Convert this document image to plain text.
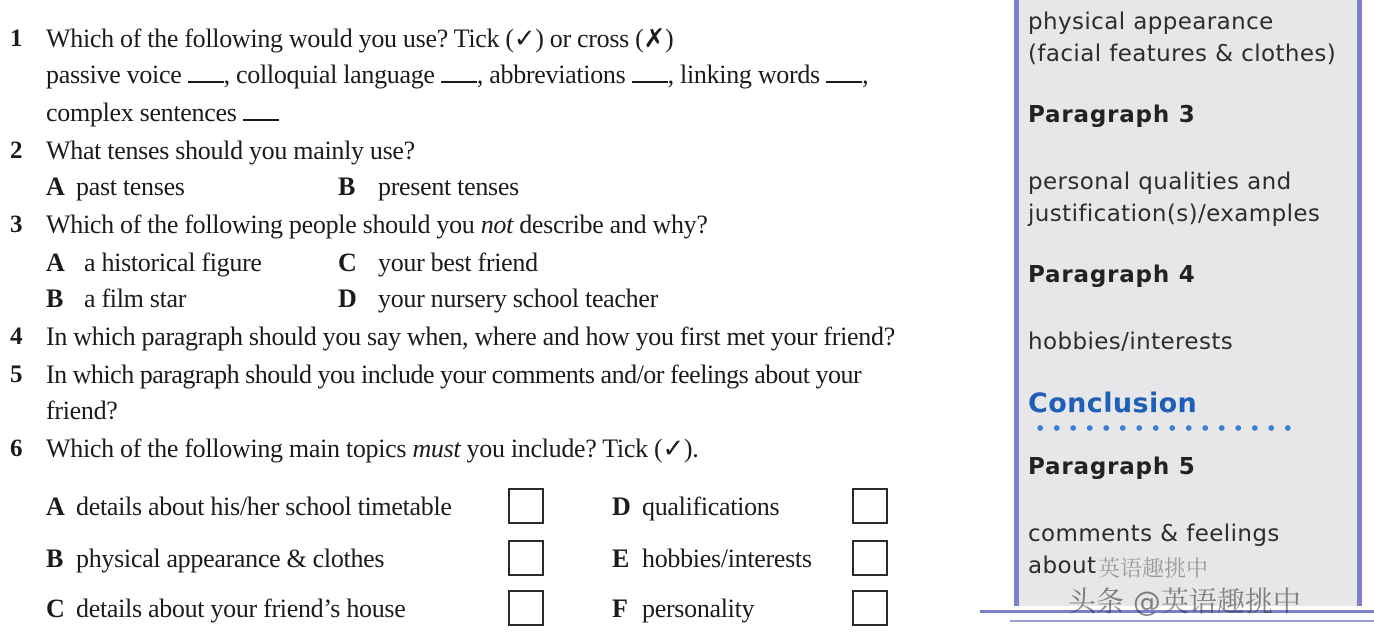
1 Which of the following would you use? Tick (✓) or cross (✗)
passive voice , colloquial language , abbreviations , linking words ,
complex sentences
2 What tenses should you mainly use?
A past tenses	B present tenses
3 Which of the following people should you not describe and why?
A a historical figure	C your best friend
B a film star	D your nursery school teacher
4 In which paragraph should you say when, where and how you first met your friend?
5 In which paragraph should you include your comments and/or feelings about your
friend?
6 Which of the following main topics must you include? Tick (✓).
A details about his/her school timetable	D qualifications
B physical appearance & clothes	E hobbies/interests
C details about your friend’s house	F personality
physical appearance
(facial features & clothes)
Paragraph 3
personal qualities and
justification(s)/examples
Paragraph 4
hobbies/interests
Conclusion
Paragraph 5
comments & feelings
about 英语趣挑中
头条 @英语趣挑中
